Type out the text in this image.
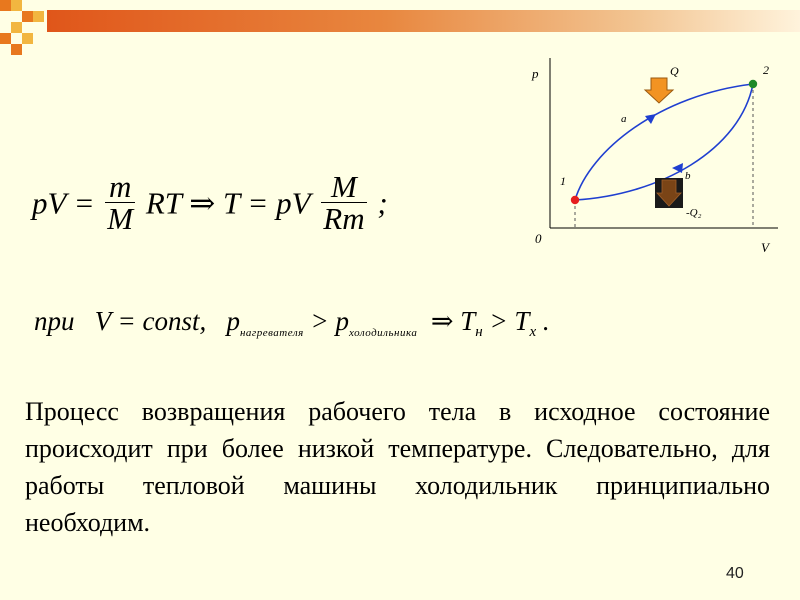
p
V
0
1
2
Q
-Q₂
a
b
pV = $\frac{m}{M}$ RT ⇒ T = pV $\frac{M}{Rm}$ ;
при V = const, $p_{нагревателя} > p_{холодильника}$ ⇒ $T_н > T_х$ .
Процесс возвращения рабочего тела в исходное состояние происходит при более низкой температуре. Следовательно, для работы тепловой машины холодильник принципиально необходим.
40
